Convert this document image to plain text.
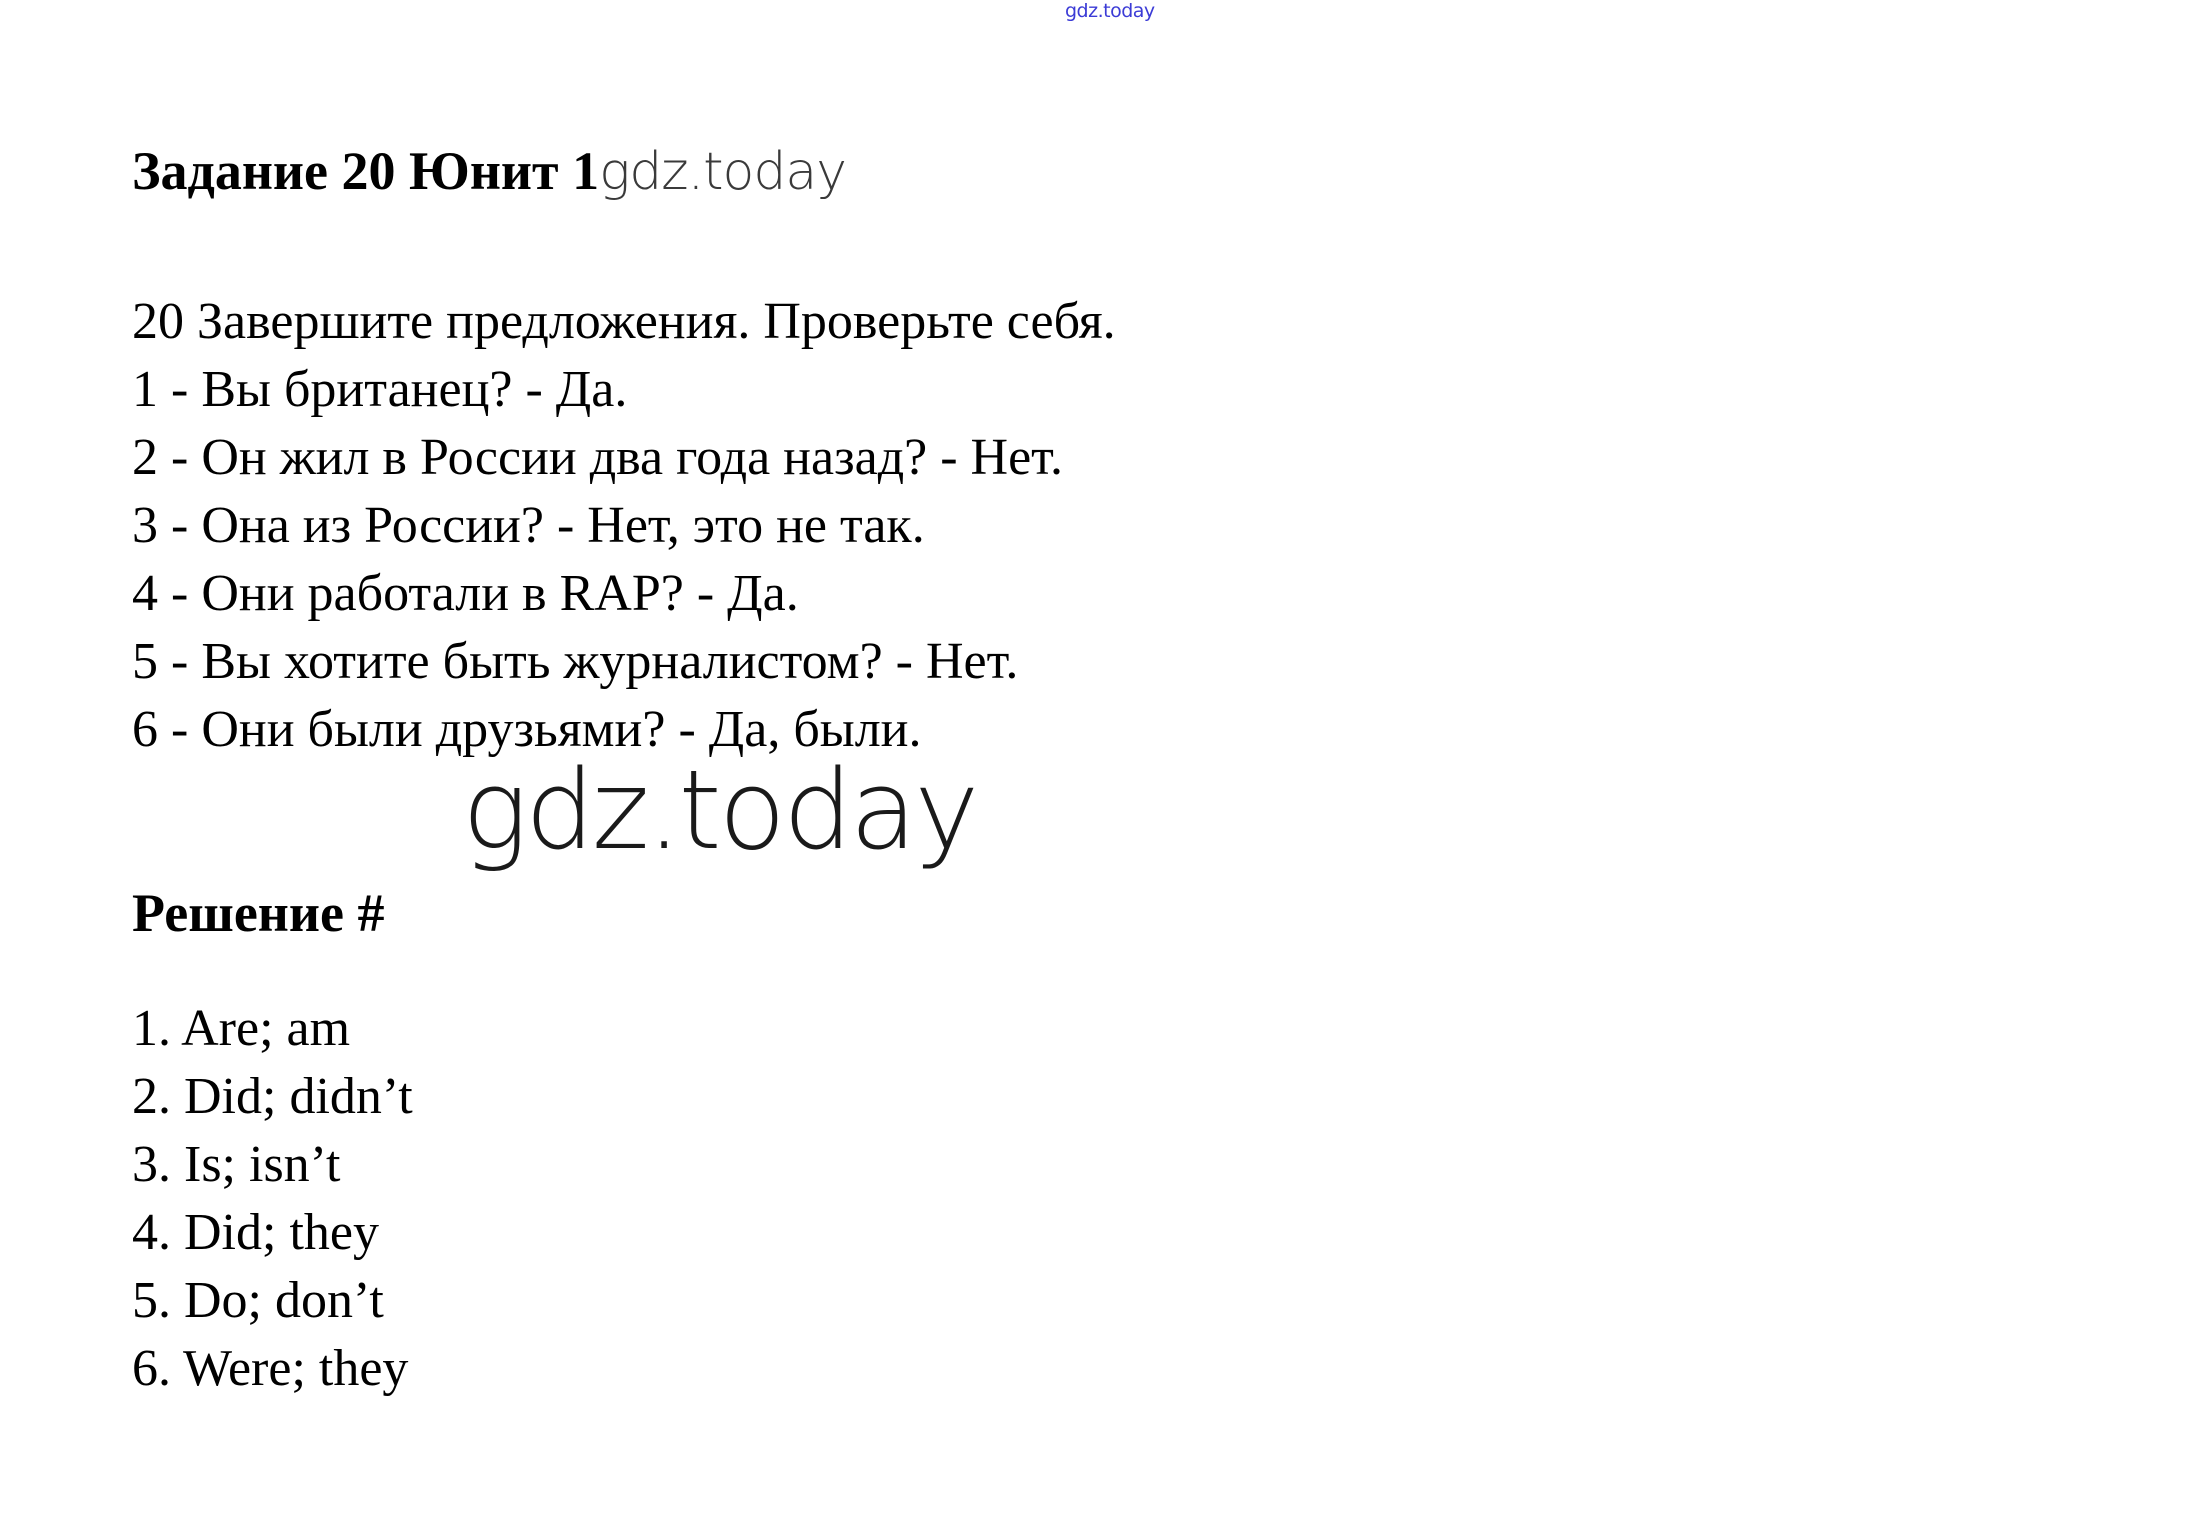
gdz.today
Задание 20 Юнит 1gdz.today
20 Завершите предложения. Проверьте себя.
1 - Вы британец? - Да.
2 - Он жил в России два года назад? - Нет.
3 - Она из России? - Нет, это не так.
4 - Они работали в RAP? - Да.
5 - Вы хотите быть журналистом? - Нет.
6 - Они были друзьями? - Да, были.
gdz.today
Решение #
1. Are; am
2. Did; didn’t
3. Is; isn’t
4. Did; they
5. Do; don’t
6. Were; they
